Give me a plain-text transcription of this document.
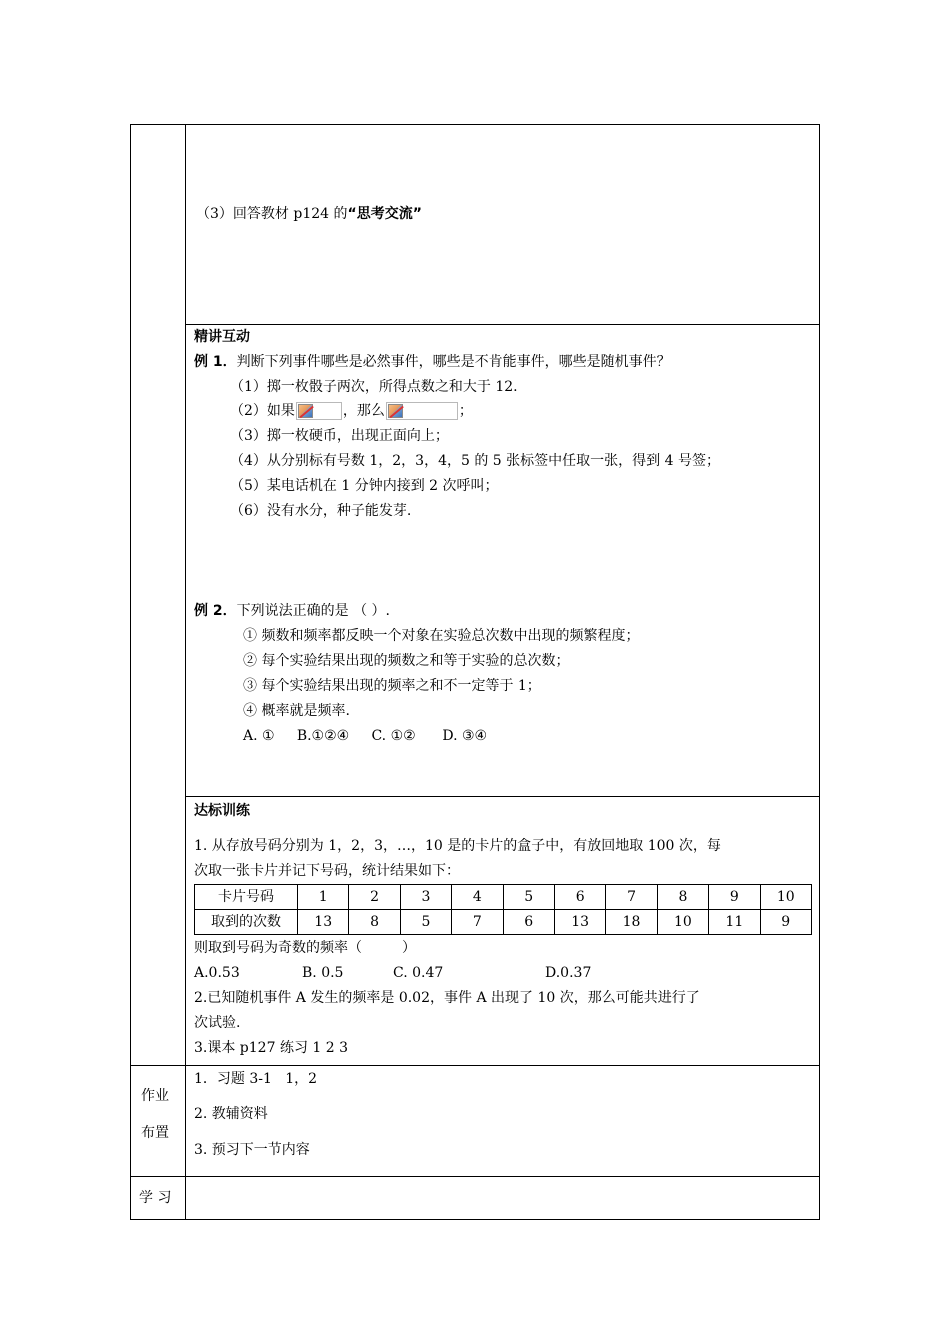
（3）回答教材 p124 的“思考交流”
精讲互动
例 1．判断下列事件哪些是必然事件，哪些是不肯能事件，哪些是随机事件？
（1）掷一枚骰子两次，所得点数之和大于 12.
（2）如果	，那么	；
（3）掷一枚硬币，出现正面向上；
（4）从分别标有号数 1，2，3，4，5 的 5 张标签中任取一张，得到 4 号签；
（5）某电话机在 1 分钟内接到 2 次呼叫；
（6）没有水分，种子能发芽.
例 2．下列说法正确的是 （ ）.
① 频数和频率都反映一个对象在实验总次数中出现的频繁程度；
② 每个实验结果出现的频数之和等于实验的总次数；
③ 每个实验结果出现的频率之和不一定等于 1；
④ 概率就是频率.
A. ①     B.①②④     C. ①②      D. ③④
达标训练
1. 从存放号码分别为 1，2，3，…，10 是的卡片的盒子中，有放回地取 100 次，每
次取一张卡片并记下号码，统计结果如下：
卡片号码	1	2	3	4	5	6	7	8	9	10
取到的次数	13	8	5	7	6	13	18	10	11	9
则取到号码为奇数的频率（         ）
A.0.53	B. 0.5	C. 0.47	D.0.37
2.已知随机事件 A 发生的频率是 0.02，事件 A 出现了 10 次，那么可能共进行了
次试验.
3.课本 p127 练习 1 2 3
作业
布置
1．习题 3-1   1，2
2. 教辅资料
3. 预习下一节内容
学 习
